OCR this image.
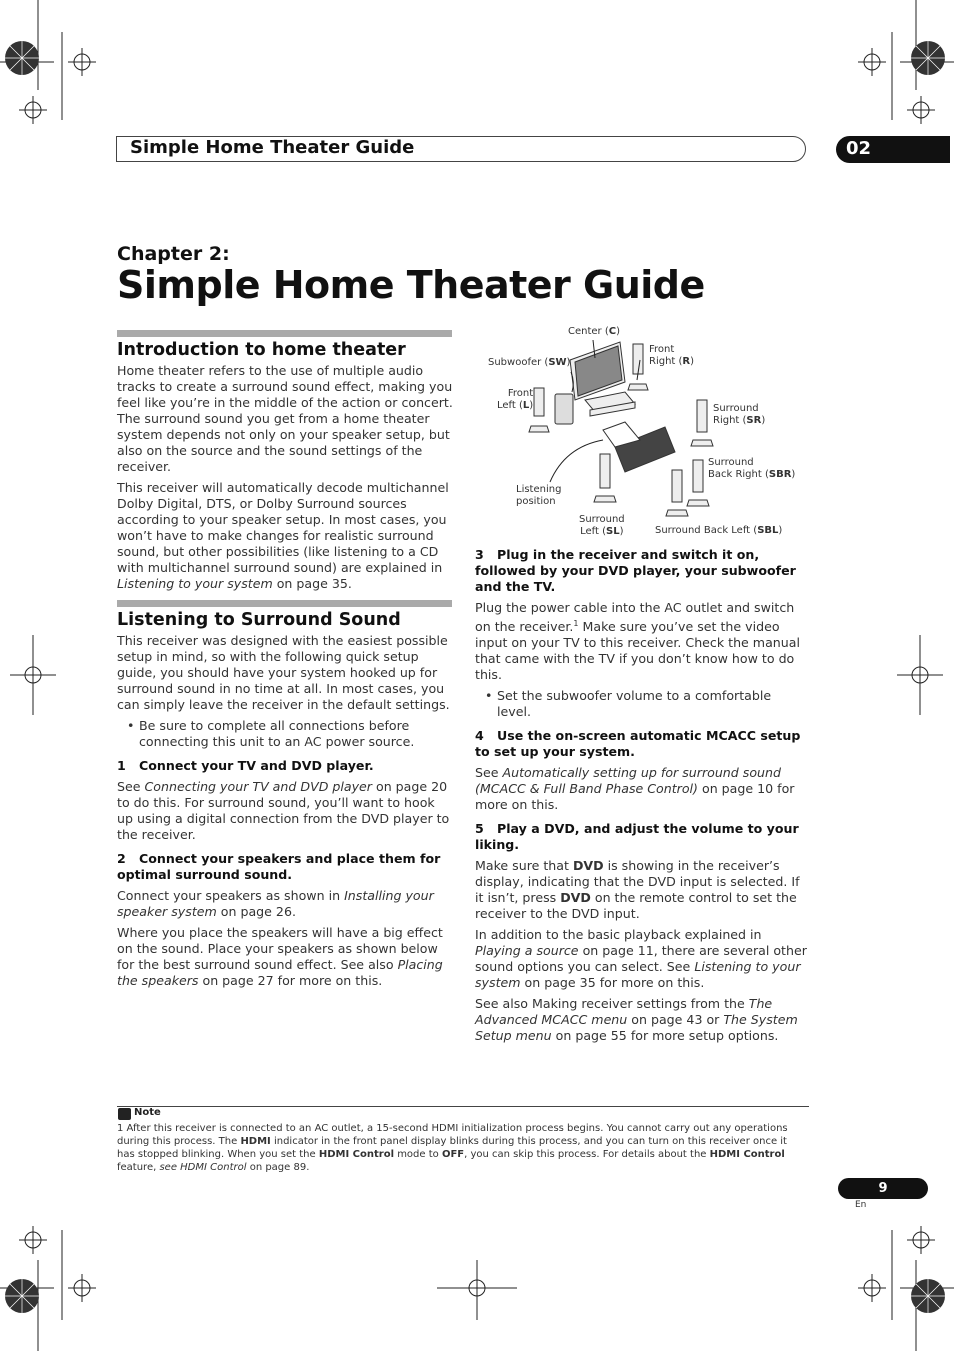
Simple Home Theater Guide	02
Chapter 2:
Simple Home Theater Guide
Introduction to home theater

Home theater refers to the use of multiple audio tracks to create a surround sound effect, making you feel like you’re in the middle of the action or concert. The surround sound you get from a home theater system depends not only on your speaker setup, but also on the source and the sound settings of the receiver.

This receiver will automatically decode multichannel Dolby Digital, DTS, or Dolby Surround sources according to your speaker setup. In most cases, you won’t have to make changes for realistic surround sound, but other possibilities (like listening to a CD with multichannel surround sound) are explained in Listening to your system on page 35.

Listening to Surround Sound

This receiver was designed with the easiest possible setup in mind, so with the following quick setup guide, you should have your system hooked up for surround sound in no time at all. In most cases, you can simply leave the receiver in the default settings.

• Be sure to complete all connections before connecting this unit to an AC power source.

1 Connect your TV and DVD player.

See Connecting your TV and DVD player on page 20 to do this. For surround sound, you’ll want to hook up using a digital connection from the DVD player to the receiver.

2 Connect your speakers and place them for optimal surround sound.

Connect your speakers as shown in Installing your speaker system on page 26.

Where you place the speakers will have a big effect on the sound. Place your speakers as shown below for the best surround sound effect. See also Placing the speakers on page 27 for more on this.

Center (C)
Subwoofer (SW)
Front
Right (R)
Front
Left (L)	Surround
Right (SR)
Surround
Back Right (SBR)
Listening
position
Surround
Left (SL)	Surround Back Left (SBL)

3 Plug in the receiver and switch it on, followed by your DVD player, your subwoofer and the TV.

Plug the power cable into the AC outlet and switch on the receiver.$^1$ Make sure you’ve set the video input on your TV to this receiver. Check the manual that came with the TV if you don’t know how to do this.

• Set the subwoofer volume to a comfortable level.

4 Use the on-screen automatic MCACC setup to set up your system.

See Automatically setting up for surround sound (MCACC & Full Band Phase Control) on page 10 for more on this.

5 Play a DVD, and adjust the volume to your liking.

Make sure that DVD is showing in the receiver’s display, indicating that the DVD input is selected. If it isn’t, press DVD on the remote control to set the receiver to the DVD input.

In addition to the basic playback explained in Playing a source on page 11, there are several other sound options you can select. See Listening to your system on page 35 for more on this.

See also Making receiver settings from the The Advanced MCACC menu on page 43 or The System Setup menu on page 55 for more setup options.

Note
1 After this receiver is connected to an AC outlet, a 15-second HDMI initialization process begins. You cannot carry out any operations during this process. The HDMI indicator in the front panel display blinks during this process, and you can turn on this receiver once it has stopped blinking. When you set the HDMI Control mode to OFF, you can skip this process. For details about the HDMI Control feature, see HDMI Control on page 89.
9
En
